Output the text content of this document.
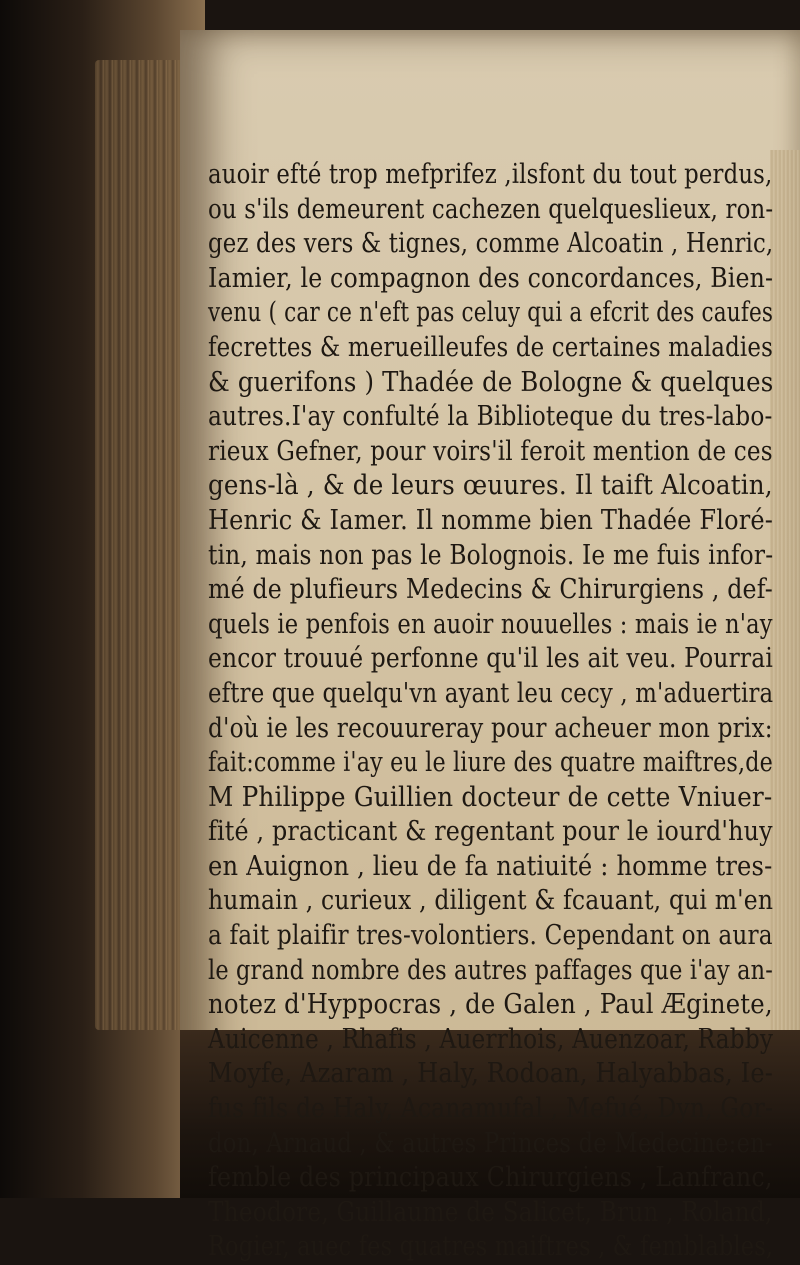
auoir efté trop mefprifez ,ilsfont du tout perdus,
ou s'ils demeurent cachezen quelqueslieux, ron-
gez des vers & tignes, comme Alcoatin , Henric,
Iamier, le compagnon des concordances, Bien-
venu ( car ce n'eft pas celuy qui a efcrit des caufes
fecrettes & merueilleufes de certaines maladies
& guerifons ) Thadée de Bologne & quelques
autres.I'ay confulté la Biblioteque du tres-labo-
rieux Gefner, pour voirs'il feroit mention de ces
gens-là , & de leurs œuures. Il taift Alcoatin,
Henric & Iamer. Il nomme bien Thadée Floré-
tin, mais non pas le Bolognois. Ie me fuis infor-
mé de plufieurs Medecins & Chirurgiens , def-
quels ie penfois en auoir nouuelles : mais ie n'ay
encor trouué perfonne qu'il les ait veu. Pourrai
eftre que quelqu'vn ayant leu cecy , m'aduertira
d'où ie les recouureray pour acheuer mon prix:
fait:comme i'ay eu le liure des quatre maiftres,de
M Philippe Guillien docteur de cette Vniuer-
fité , practicant & regentant pour le iourd'huy
en Auignon , lieu de fa natiuité : homme tres-
humain , curieux , diligent & fcauant, qui m'en
a fait plaifir tres-volontiers. Cependant on aura
le grand nombre des autres paffages que i'ay an-
notez d'Hyppocras , de Galen , Paul Æginete,
Auicenne , Rhafis , Auerrhois, Auenzoar, Rabby
Moyfe, Azaram , Haly, Rodoan, Halyabbas, Ie-
fus fils de Haly, Acanamufal , Mefué, Dyn, Gor-
don, Arnaud , & autres Princes de Medecine:en-
femble des principaux Chirurgiens , Lanfranc,
Theodore, Guillaume de Salicet, Brun , Roland,
Rogier, auec fes quatres maiftres , & femblables,
